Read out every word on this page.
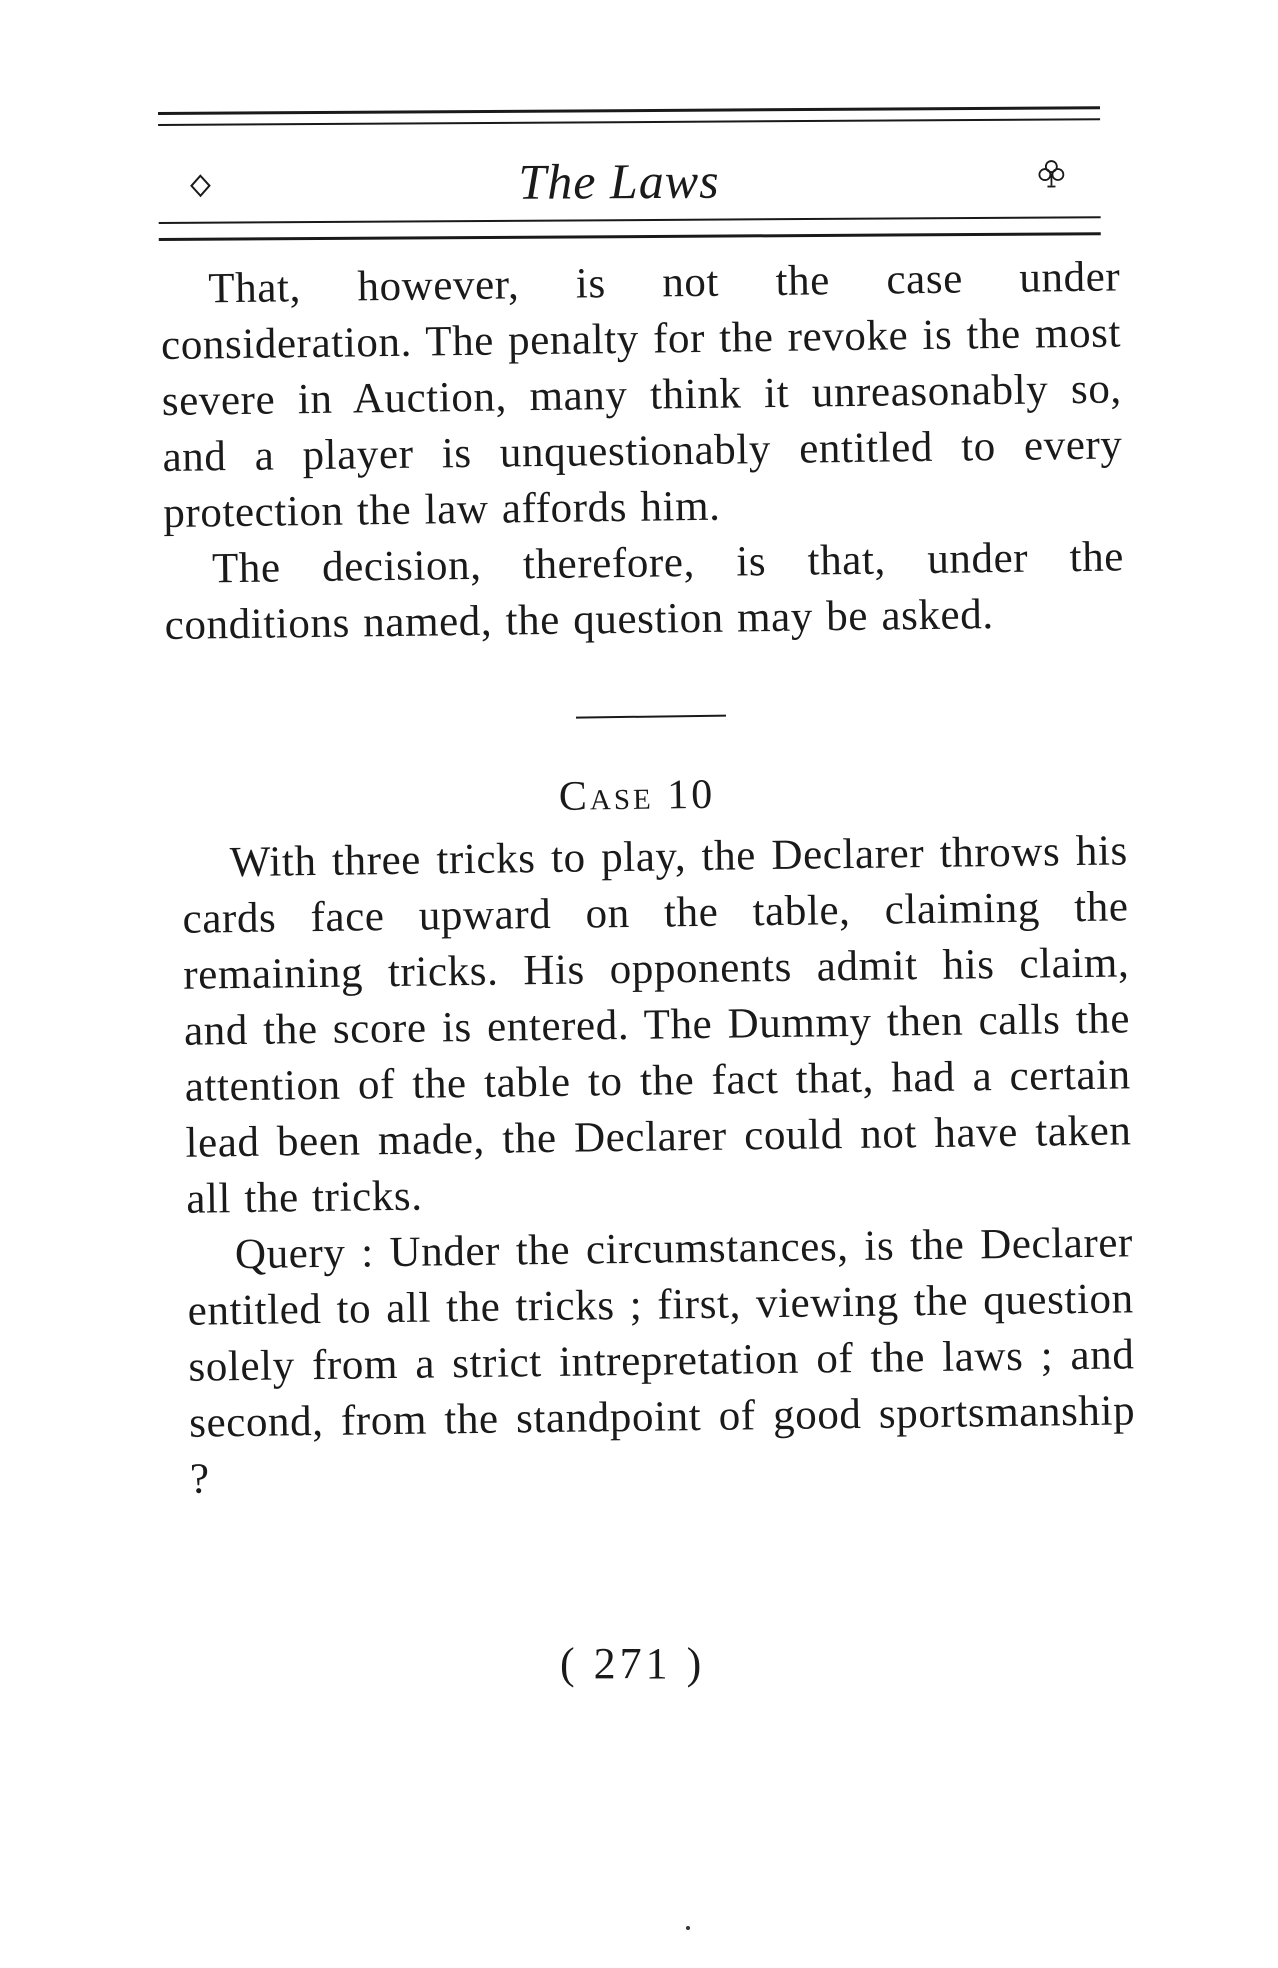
The Laws

That, however, is not the case under consideration. The penalty for the revoke is the most severe in Auction, many think it unreasonably so, and a player is unquestionably entitled to every protection the law affords him.

The decision, therefore, is that, under the conditions named, the question may be asked.

Case 10

With three tricks to play, the Declarer throws his cards face upward on the table, claiming the remaining tricks. His opponents admit his claim, and the score is entered. The Dummy then calls the attention of the table to the fact that, had a certain lead been made, the Declarer could not have taken all the tricks.

Query : Under the circumstances, is the Declarer entitled to all the tricks ; first, viewing the question solely from a strict intrepretation of the laws ; and second, from the standpoint of good sportsmanship ?

( 271 )
